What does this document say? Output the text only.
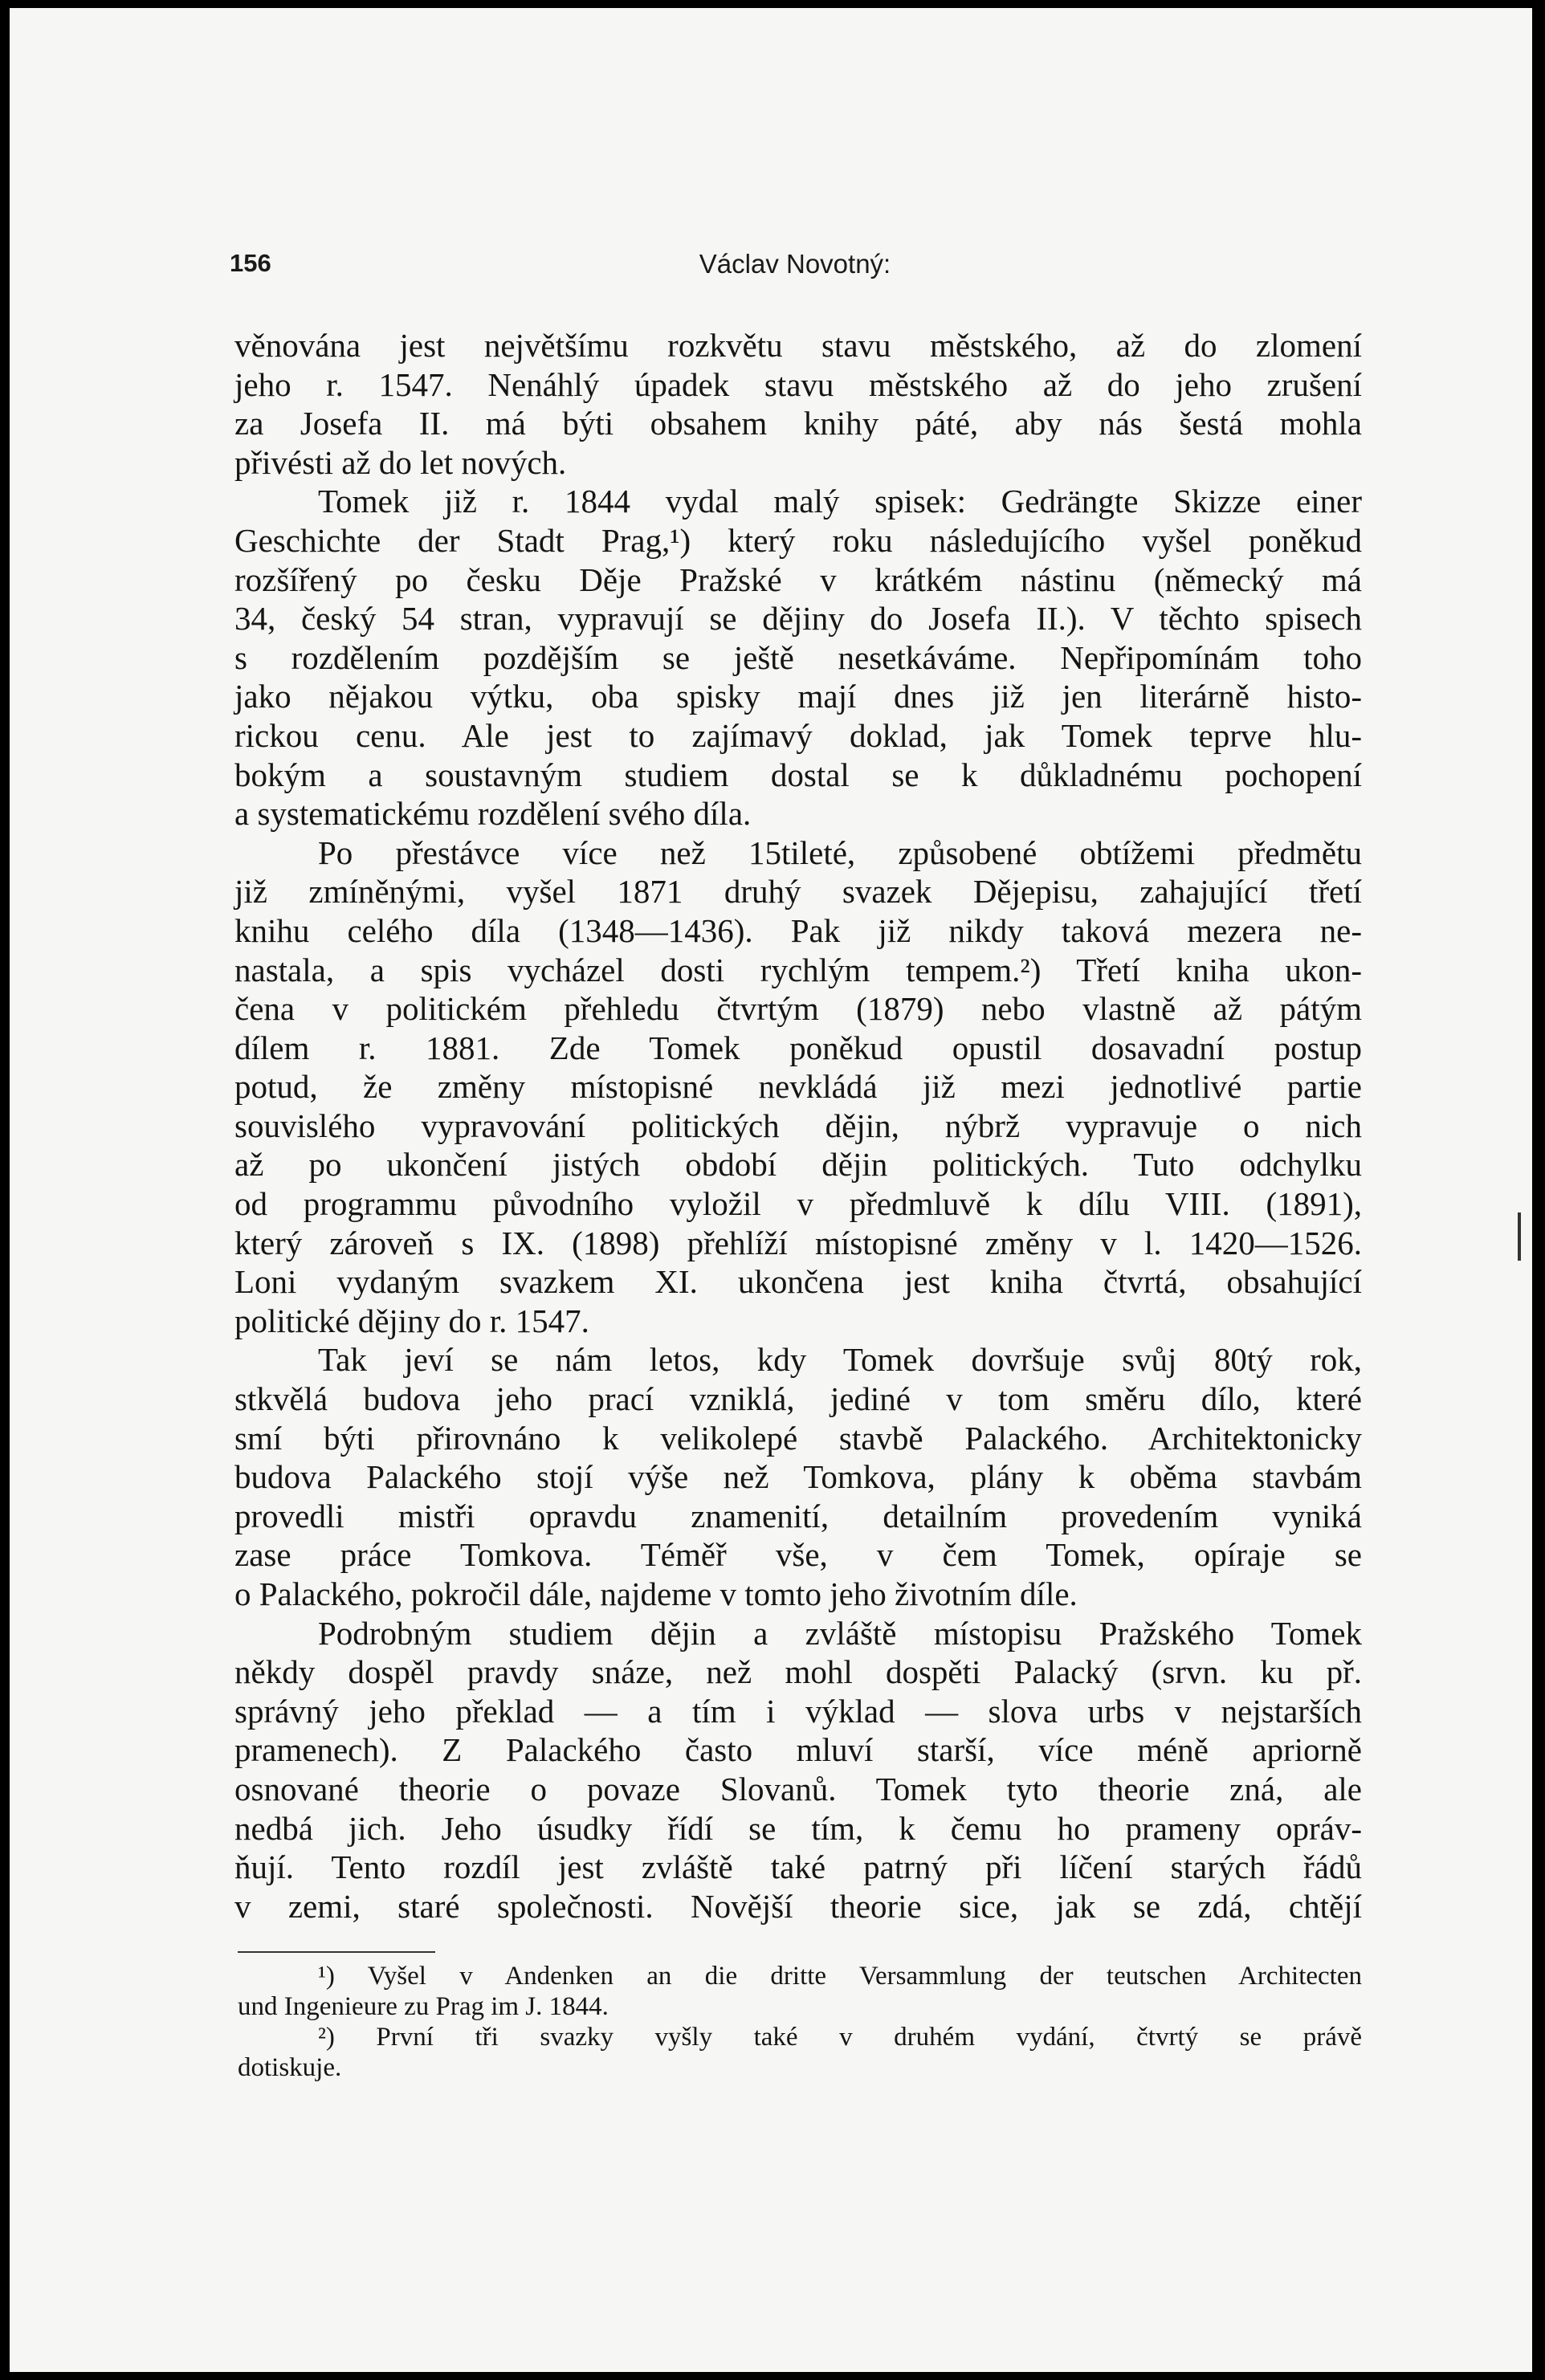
156	Václav Novotný:
věnována jest největšímu rozkvětu stavu městského, až do zlomení
jeho r. 1547. Nenáhlý úpadek stavu městského až do jeho zrušení
za Josefa II. má býti obsahem knihy páté, aby nás šestá mohla
přivésti až do let nových.
Tomek již r. 1844 vydal malý spisek: Gedrängte Skizze einer
Geschichte der Stadt Prag,¹) který roku následujícího vyšel poněkud
rozšířený po česku Děje Pražské v krátkém nástinu (německý má
34, český 54 stran, vypravují se dějiny do Josefa II.). V těchto spisech
s rozdělením pozdějším se ještě nesetkáváme. Nepřipomínám toho
jako nějakou výtku, oba spisky mají dnes již jen literárně histo-
rickou cenu. Ale jest to zajímavý doklad, jak Tomek teprve hlu-
bokým a soustavným studiem dostal se k důkladnému pochopení
a systematickému rozdělení svého díla.
Po přestávce více než 15tileté, způsobené obtížemi předmětu
již zmíněnými, vyšel 1871 druhý svazek Dějepisu, zahajující třetí
knihu celého díla (1348—1436). Pak již nikdy taková mezera ne-
nastala, a spis vycházel dosti rychlým tempem.²) Třetí kniha ukon-
čena v politickém přehledu čtvrtým (1879) nebo vlastně až pátým
dílem r. 1881. Zde Tomek poněkud opustil dosavadní postup
potud, že změny místopisné nevkládá již mezi jednotlivé partie
souvislého vypravování politických dějin, nýbrž vypravuje o nich
až po ukončení jistých období dějin politických. Tuto odchylku
od programmu původního vyložil v předmluvě k dílu VIII. (1891),
který zároveň s IX. (1898) přehlíží místopisné změny v l. 1420—1526.
Loni vydaným svazkem XI. ukončena jest kniha čtvrtá, obsahující
politické dějiny do r. 1547.
Tak jeví se nám letos, kdy Tomek dovršuje svůj 80tý rok,
stkvělá budova jeho prací vzniklá, jediné v tom směru dílo, které
smí býti přirovnáno k velikolepé stavbě Palackého. Architektonicky
budova Palackého stojí výše než Tomkova, plány k oběma stavbám
provedli mistři opravdu znamenití, detailním provedením vyniká
zase práce Tomkova. Téměř vše, v čem Tomek, opíraje se
o Palackého, pokročil dále, najdeme v tomto jeho životním díle.
Podrobným studiem dějin a zvláště místopisu Pražského Tomek
někdy dospěl pravdy snáze, než mohl dospěti Palacký (srvn. ku př.
správný jeho překlad — a tím i výklad — slova urbs v nejstarších
pramenech). Z Palackého často mluví starší, více méně apriorně
osnované theorie o povaze Slovanů. Tomek tyto theorie zná, ale
nedbá jich. Jeho úsudky řídí se tím, k čemu ho prameny opráv-
ňují. Tento rozdíl jest zvláště také patrný při líčení starých řádů
v zemi, staré společnosti. Novější theorie sice, jak se zdá, chtějí
¹) Vyšel v Andenken an die dritte Versammlung der teutschen Architecten
und Ingenieure zu Prag im J. 1844.
²) První tři svazky vyšly také v druhém vydání, čtvrtý se právě
dotiskuje.
